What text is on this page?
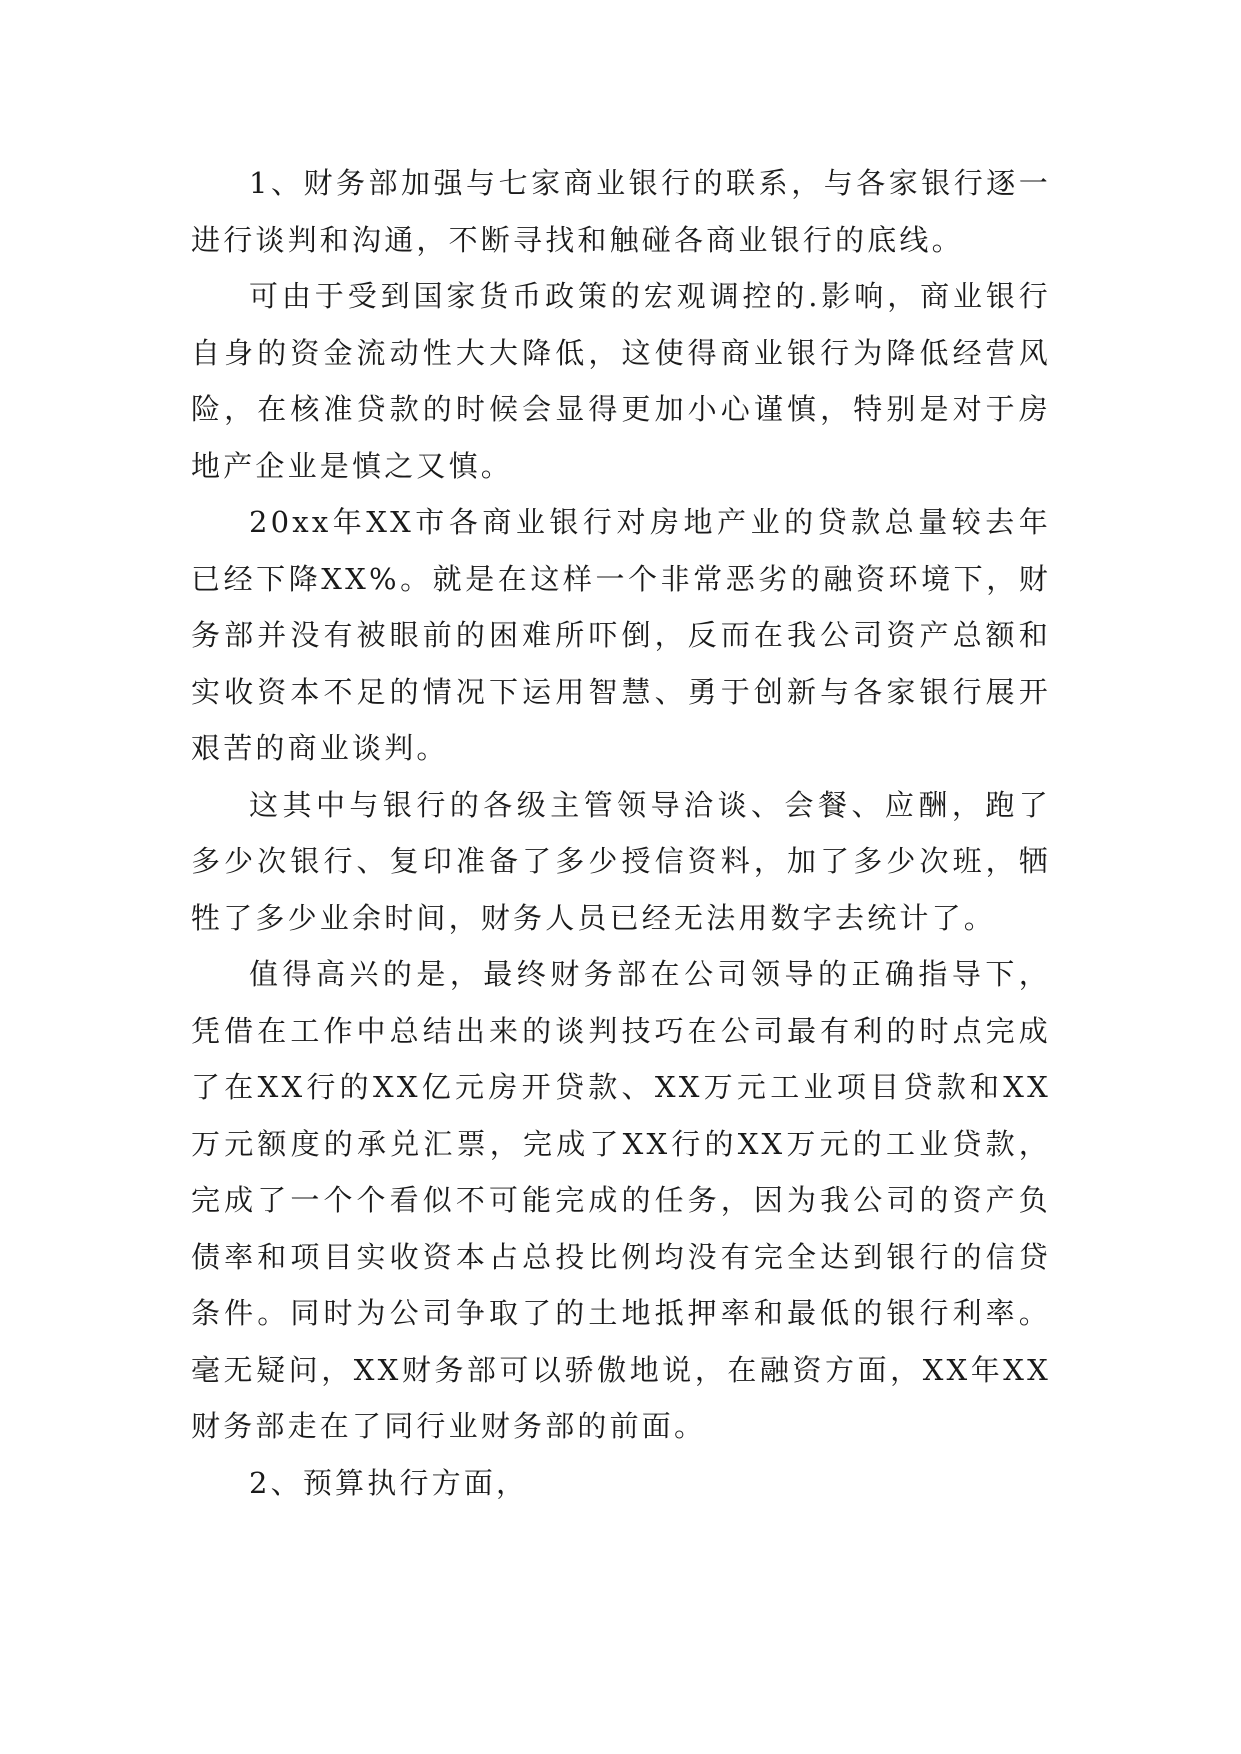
1、财务部加强与七家商业银行的联系，与各家银行逐一进行谈判和沟通，不断寻找和触碰各商业银行的底线。

可由于受到国家货币政策的宏观调控的.影响，商业银行自身的资金流动性大大降低，这使得商业银行为降低经营风险，在核准贷款的时候会显得更加小心谨慎，特别是对于房地产企业是慎之又慎。

20xx年XX市各商业银行对房地产业的贷款总量较去年已经下降XX%。就是在这样一个非常恶劣的融资环境下，财务部并没有被眼前的困难所吓倒，反而在我公司资产总额和实收资本不足的情况下运用智慧、勇于创新与各家银行展开艰苦的商业谈判。

这其中与银行的各级主管领导洽谈、会餐、应酬，跑了多少次银行、复印准备了多少授信资料，加了多少次班，牺牲了多少业余时间，财务人员已经无法用数字去统计了。

值得高兴的是，最终财务部在公司领导的正确指导下，凭借在工作中总结出来的谈判技巧在公司最有利的时点完成了在XX行的XX亿元房开贷款、XX万元工业项目贷款和XX万元额度的承兑汇票，完成了XX行的XX万元的工业贷款，完成了一个个看似不可能完成的任务，因为我公司的资产负债率和项目实收资本占总投比例均没有完全达到银行的信贷条件。同时为公司争取了的土地抵押率和最低的银行利率。毫无疑问，XX财务部可以骄傲地说，在融资方面，XX年XX财务部走在了同行业财务部的前面。

2、预算执行方面，
